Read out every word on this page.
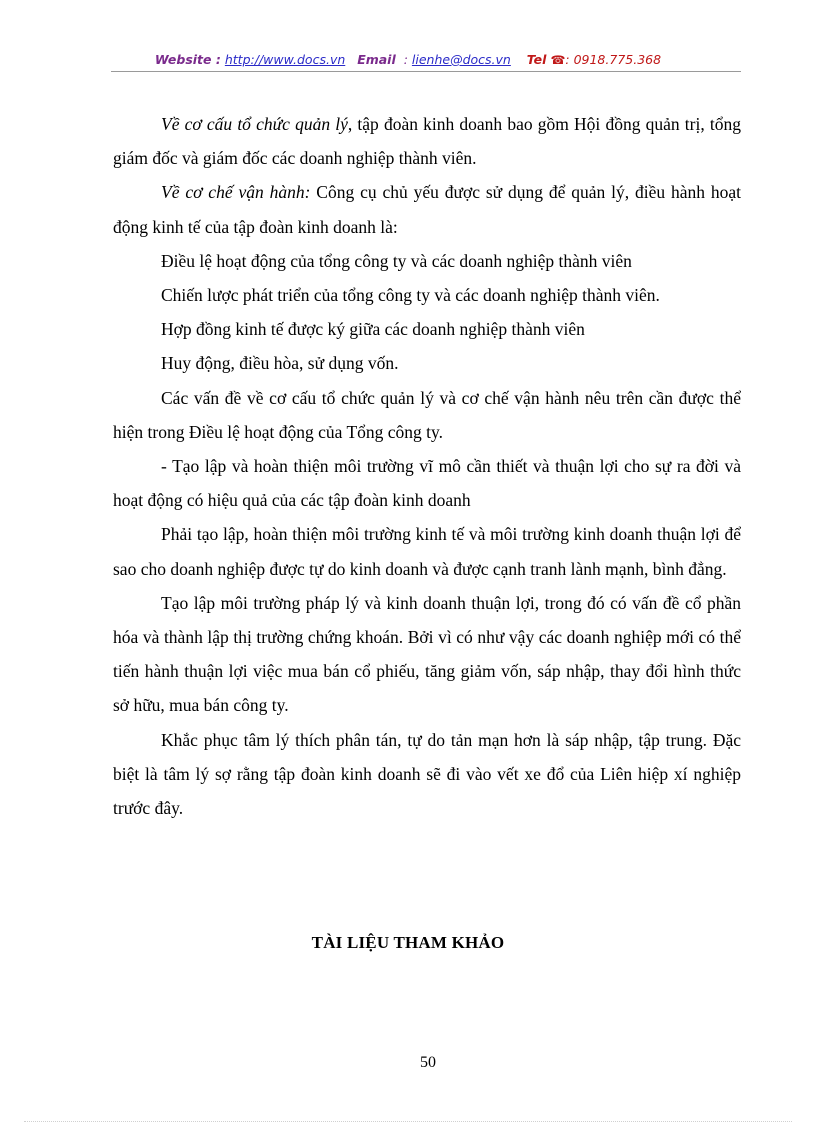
Website : http://www.docs.vn Email : lienhe@docs.vn Tel ☎: 0918.775.368

Về cơ cấu tổ chức quản lý, tập đoàn kinh doanh bao gồm Hội đồng quản trị, tổng giám đốc và giám đốc các doanh nghiệp thành viên.

Về cơ chế vận hành: Công cụ chủ yếu được sử dụng để quản lý, điều hành hoạt động kinh tế của tập đoàn kinh doanh là:

Điều lệ hoạt động của tổng công ty và các doanh nghiệp thành viên

Chiến lược phát triển của tổng công ty và các doanh nghiệp thành viên.

Hợp đồng kinh tế được ký giữa các doanh nghiệp thành viên

Huy động, điều hòa, sử dụng vốn.

Các vấn đề về cơ cấu tổ chức quản lý và cơ chế vận hành nêu trên cần được thể hiện trong Điều lệ hoạt động của Tổng công ty.

- Tạo lập và hoàn thiện môi trường vĩ mô cần thiết và thuận lợi cho sự ra đời và hoạt động có hiệu quả của các tập đoàn kinh doanh

Phải tạo lập, hoàn thiện môi trường kinh tế và môi trường kinh doanh thuận lợi để sao cho doanh nghiệp được tự do kinh doanh và được cạnh tranh lành mạnh, bình đẳng.

Tạo lập môi trường pháp lý và kinh doanh thuận lợi, trong đó có vấn đề cổ phần hóa và thành lập thị trường chứng khoán. Bởi vì có như vậy các doanh nghiệp mới có thể tiến hành thuận lợi việc mua bán cổ phiếu, tăng giảm vốn, sáp nhập, thay đổi hình thức sở hữu, mua bán công ty.

Khắc phục tâm lý thích phân tán, tự do tản mạn hơn là sáp nhập, tập trung. Đặc biệt là tâm lý sợ rằng tập đoàn kinh doanh sẽ đi vào vết xe đổ của Liên hiệp xí nghiệp trước đây.

TÀI LIỆU THAM KHẢO
50
